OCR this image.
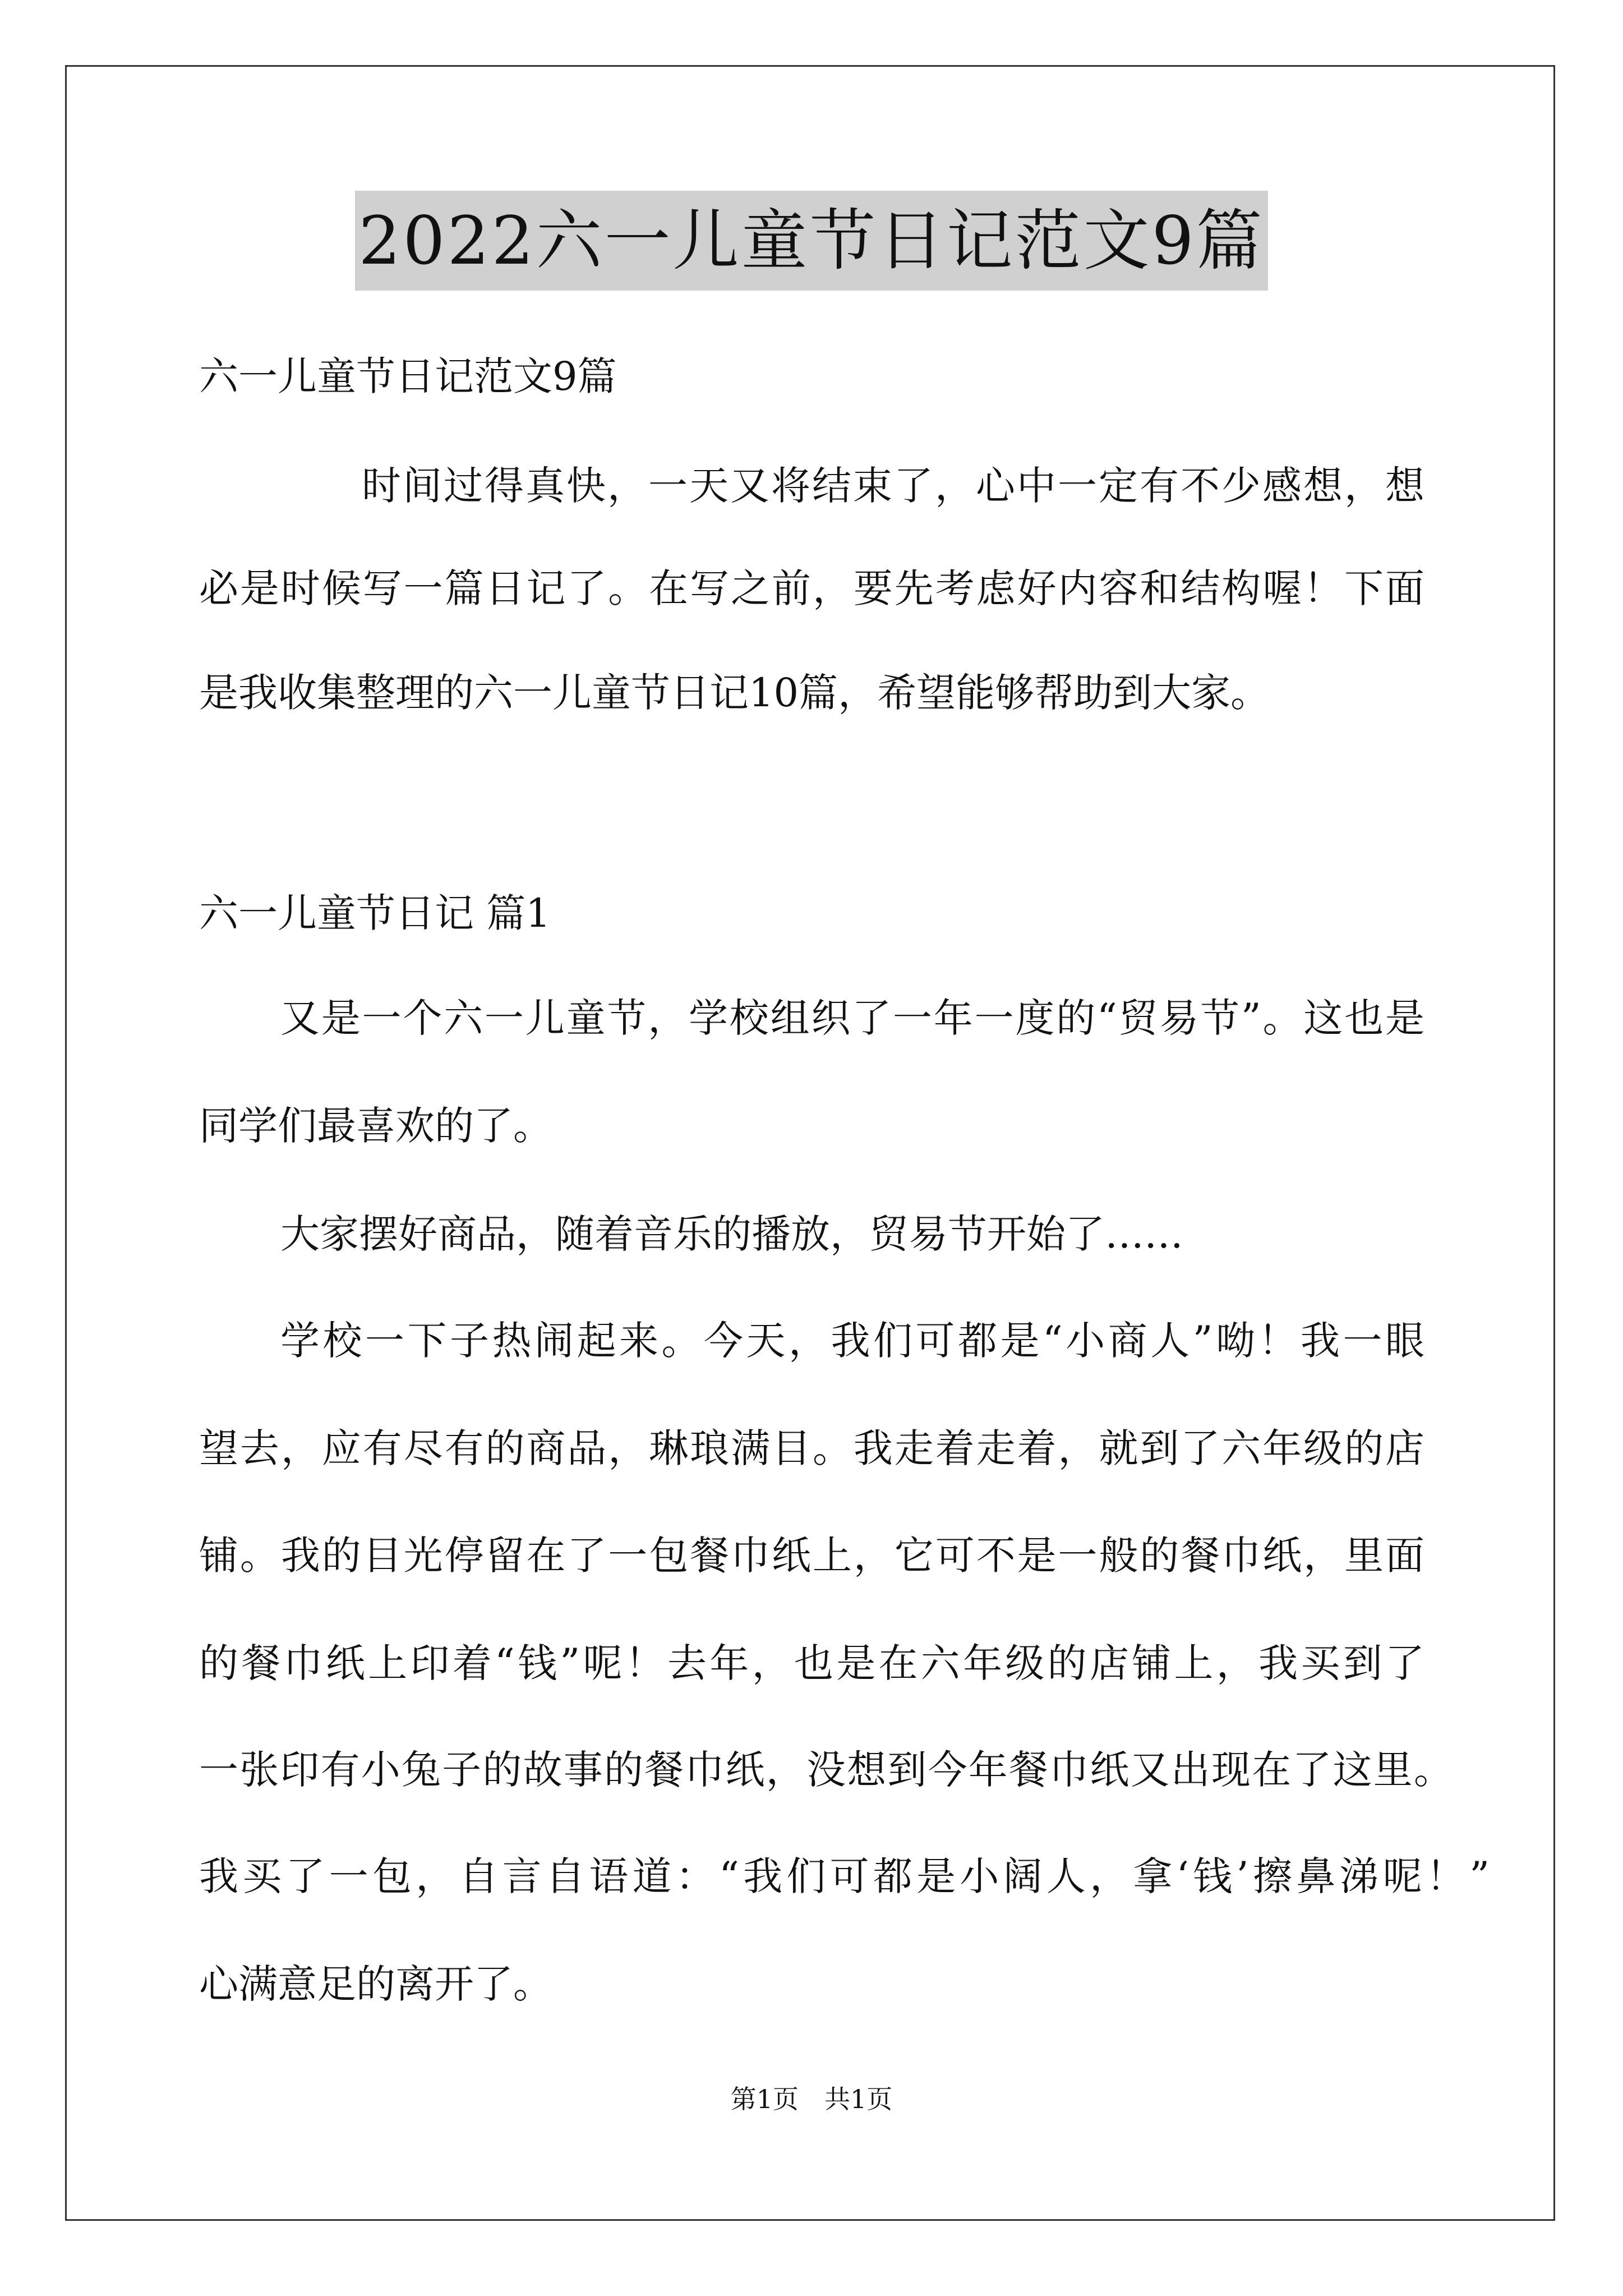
2022六一儿童节日记范文9篇
六一儿童节日记范文9篇
时间过得真快，一天又将结束了，心中一定有不少感想，想
必是时候写一篇日记了。在写之前，要先考虑好内容和结构喔！下面
是我收集整理的六一儿童节日记10篇，希望能够帮助到大家。
六一儿童节日记 篇1
又是一个六一儿童节，学校组织了一年一度的“贸易节”。这也是
同学们最喜欢的了。
大家摆好商品，随着音乐的播放，贸易节开始了……
学校一下子热闹起来。今天，我们可都是“小商人”呦！我一眼
望去，应有尽有的商品，琳琅满目。我走着走着，就到了六年级的店
铺。我的目光停留在了一包餐巾纸上，它可不是一般的餐巾纸，里面
的餐巾纸上印着“钱”呢！去年，也是在六年级的店铺上，我买到了
一张印有小兔子的故事的餐巾纸，没想到今年餐巾纸又出现在了这里。
我买了一包，自言自语道：“我们可都是小阔人，拿‘钱’擦鼻涕呢！”
心满意足的离开了。
第1页　共1页
